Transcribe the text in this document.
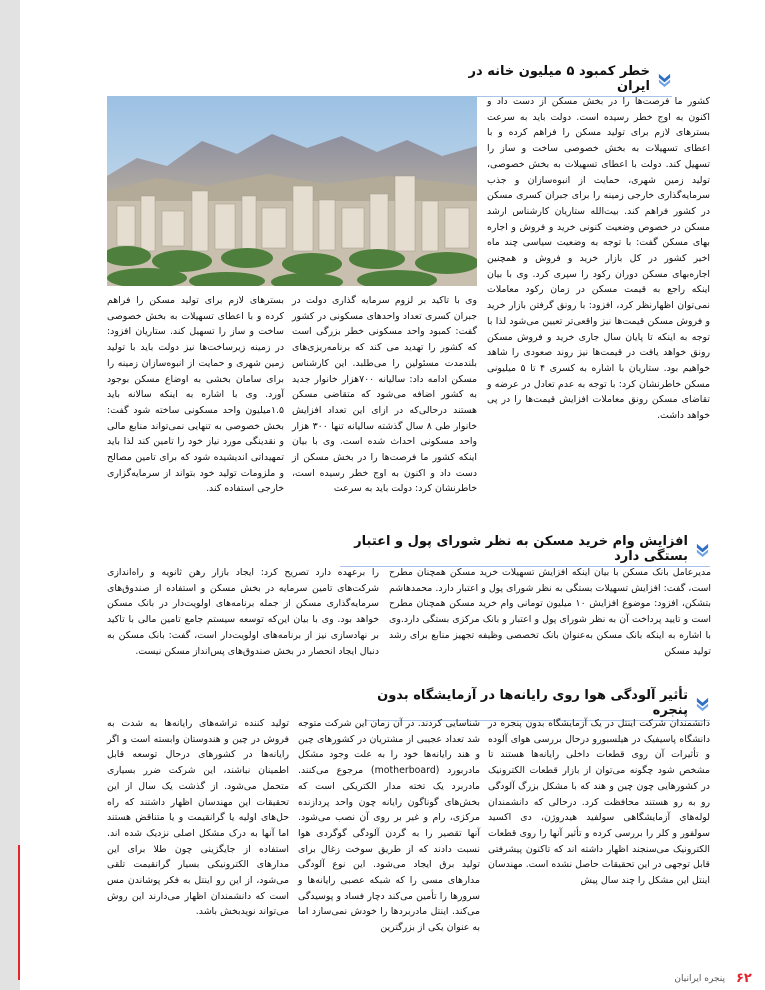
خطر کمبود ۵ میلیون خانه در ایران

کشور ما فرصت‌ها را در بخش مسکن از دست داد و اکنون به اوج خطر رسیده است. دولت باید به سرعت بسترهای لازم برای تولید مسکن را فراهم کرده و با اعطای تسهیلات به بخش خصوصی ساخت و ساز را تسهیل کند. دولت با اعطای تسهیلات به بخش خصوصی، تولید زمین شهری، حمایت از انبوه‌سازان و جذب سرمایه‌گذاری خارجی زمینه را برای جبران کسری مسکن در کشور فراهم کند. بیت‌الله ستاریان کارشناس ارشد مسکن در خصوص وضعیت کنونی خرید و فروش و اجاره بهای مسکن گفت: با توجه به وضعیت سیاسی چند ماه اخیر کشور در کل بازار خرید و فروش و همچنین اجاره‌بهای مسکن دوران رکود را سپری کرد. وی با بیان اینکه راجع به قیمت مسکن در زمان رکود معاملات نمی‌توان اظهارنظر کرد، افزود: با رونق گرفتن بازار خرید و فروش مسکن قیمت‌ها نیز واقعی‌تر تعیین می‌شود لذا با توجه به اینکه تا پایان سال جاری خرید و فروش مسکن رونق خواهد یافت در قیمت‌ها نیز روند صعودی را شاهد خواهیم بود. ستاریان با اشاره به کسری ۴ تا ۵ میلیونی مسکن خاطرنشان کرد: با توجه به عدم تعادل در عرضه و تقاضای مسکن رونق معاملات افزایش قیمت‌ها را در پی خواهد داشت.

وی با تاکید بر لزوم سرمایه گذاری دولت در جبران کسری تعداد واحدهای مسکونی در کشور گفت: کمبود واحد مسکونی خطر بزرگی است که کشور را تهدید می کند که برنامه‌ریزی‌های بلندمدت مسئولین را می‌طلبد. این کارشناس مسکن ادامه داد: سالیانه ۷۰۰هزار خانوار جدید به کشور اضافه می‌شود که متقاضی مسکن هستند درحالی‌که در ازای این تعداد افزایش خانوار طی ۸ سال گذشته سالیانه تنها ۳۰۰ هزار واحد مسکونی احداث شده است. وی با بیان اینکه کشور ما فرصت‌ها را در بخش مسکن از دست داد و اکنون به اوج خطر رسیده است، خاطرنشان کرد: دولت باید به سرعت

بسترهای لازم برای تولید مسکن را فراهم کرده و با اعطای تسهیلات به بخش خصوصی ساخت و ساز را تسهیل کند. ستاریان افزود: در زمینه زیرساخت‌ها نیز دولت باید با تولید زمین شهری و حمایت از انبوه‌سازان زمینه را برای سامان بخشی به اوضاع مسکن بوجود آورد. وی با اشاره به اینکه سالانه باید ۱.۵میلیون واحد مسکونی ساخته شود گفت: بخش خصوصی به تنهایی نمی‌تواند منابع مالی و نقدینگی مورد نیاز خود را تامین کند لذا باید تمهیداتی اندیشیده شود که برای تامین مصالح و ملزومات تولید خود بتواند از سرمایه‌گزاری خارجی استفاده کند.

افزایش وام خرید مسکن به نظر شورای پول و اعتبار بستگی دارد

مدیرعامل بانک مسکن با بیان اینکه افزایش تسهیلات خرید مسکن همچنان مطرح است، گفت: افزایش تسهیلات بستگی به نظر شورای پول و اعتبار دارد. محمدهاشم بتشکن، افزود: موضوع افزایش ۱۰ میلیون تومانی وام خرید مسکن همچنان مطرح است و تایید پرداخت آن به نظر شورای پول و اعتبار و بانک مرکزی بستگی دارد.وی با اشاره به اینکه بانک مسکن به‌عنوان بانک تخصصی وظیفه تجهیز منابع برای رشد تولید مسکن

را برعهده دارد تصریح کرد: ایجاد بازار رهن ثانویه و راه‌اندازی شرکت‌های تامین سرمایه در بخش مسکن و استفاده از صندوق‌های سرمایه‌گذاری مسکن از جمله برنامه‌های اولویت‌دار در بانک مسکن خواهد بود. وی با بیان این‌که توسعه سیستم جامع تامین مالی با تاکید بر نهادسازی نیز از برنامه‌های اولویت‌دار است، گفت: بانک مسکن به دنبال ایجاد انحصار در بخش صندوق‌های پس‌انداز مسکن نیست.

تأثیر آلودگی هوا روی رایانه‌ها در آزمایشگاه بدون پنجره

دانشمندان شرکت اینتل در یک آزمایشگاه بدون پنجره در دانشگاه پاسیفیک در هیلسبورو درحال بررسی هوای آلوده و تأثیرات آن روی قطعات داخلی رایانه‌ها هستند تا مشخص شود چگونه می‌توان از بازار قطعات الکترونیک در کشورهایی چون چین و هند که با مشکل بزرگ آلودگی رو به رو هستند محافظت کرد. درحالی که دانشمندان لوله‌های آزمایشگاهی سولفید هیدروژن، دی اکسید سولفور و کلر را بررسی کرده و تأثیر آنها را روی قطعات الکترونیک می‌سنجند اظهار داشته اند که تاکنون پیشرفتی قابل توجهی در این تحقیقات حاصل نشده است. مهندسان اینتل این مشکل را چند سال پیش

شناسایی کردند. در آن زمان این شرکت متوجه شد تعداد عجیبی از مشتریان در کشورهای چین و هند رایانه‌ها خود را به علت وجود مشکل مادربورد (motherboard) مرجوع می‌کنند. مادربرد یک تخته مدار الکتریکی است که بخش‌های گوناگون رایانه چون واحد پردازنده مرکزی، رام و غیر بر روی آن نصب می‌شود. آنها تقصیر را به گردن آلودگی گوگردی هوا نسبت دادند که از طریق سوخت زغال برای تولید برق ایجاد می‌شود. این نوع آلودگی مدارهای مسی را که شبکه عصبی رایانه‌ها و سرورها را تأمین می‌کند دچار فساد و پوسیدگی می‌کند. اینتل مادربردها را خودش نمی‌سازد اما به عنوان یکی از بزرگترین

تولید کننده تراشه‌های رایانه‌ها به شدت به فروش در چین و هندوستان وابسته است و اگر رایانه‌ها در کشورهای درحال توسعه قابل اطمینان نباشند، این شرکت ضرر بسیاری متحمل می‌شود. از گذشت یک سال از این تحقیقات این مهندسان اظهار داشتند که راه حل‌های اولیه یا گرانقیمت و یا متناقض هستند اما آنها به درک مشکل اصلی نزدیک شده اند. استفاده از جایگزینی چون طلا برای این مدارهای الکترونیکی بسیار گرانقیمت تلقی می‌شود، از این رو اینتل به فکر پوشاندن مس است که دانشمندان اظهار می‌دارند این روش می‌تواند نویدبخش باشد.

۶۲
پنجره ایرانیان
